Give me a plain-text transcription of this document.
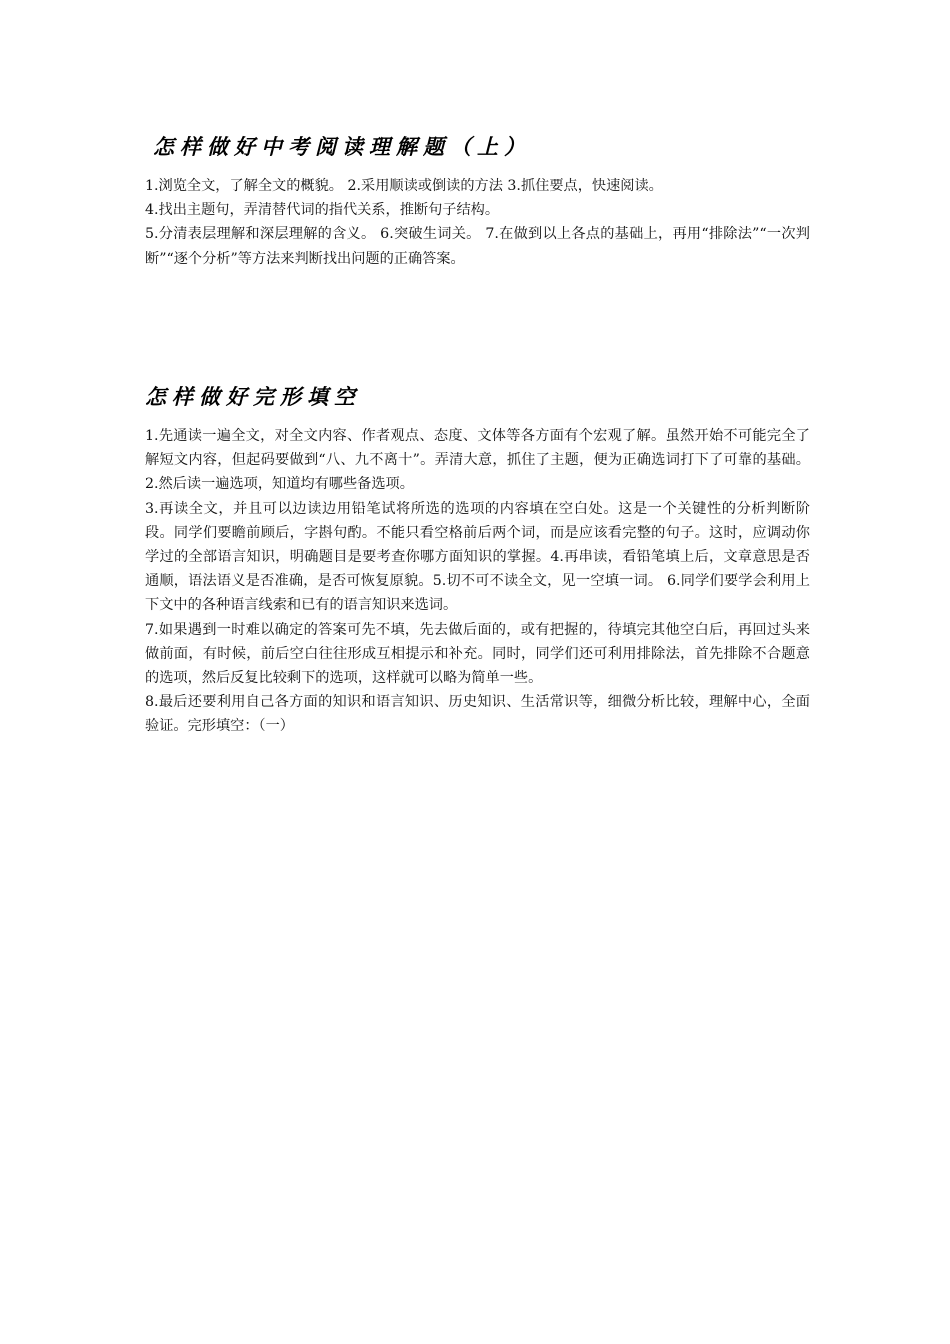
怎样做好中考阅读理解题（上）

1.浏览全文，了解全文的概貌。 2.采用顺读或倒读的方法 3.抓住要点，快速阅读。

4.找出主题句，弄清替代词的指代关系，推断句子结构。

5.分清表层理解和深层理解的含义。 6.突破生词关。 7.在做到以上各点的基础上，再用“排除法”“一次判断”“逐个分析”等方法来判断找出问题的正确答案。

怎样做好完形填空

1.先通读一遍全文，对全文内容、作者观点、态度、文体等各方面有个宏观了解。虽然开始不可能完全了解短文内容，但起码要做到“八、九不离十”。弄清大意，抓住了主题，便为正确选词打下了可靠的基础。 2.然后读一遍选项，知道均有哪些备选项。

3.再读全文，并且可以边读边用铅笔试将所选的选项的内容填在空白处。这是一个关键性的分析判断阶段。同学们要瞻前顾后，字斟句酌。不能只看空格前后两个词，而是应该看完整的句子。这时，应调动你学过的全部语言知识，明确题目是要考查你哪方面知识的掌握。4.再串读，看铅笔填上后，文章意思是否通顺，语法语义是否准确，是否可恢复原貌。5.切不可不读全文，见一空填一词。 6.同学们要学会利用上下文中的各种语言线索和已有的语言知识来选词。

7.如果遇到一时难以确定的答案可先不填，先去做后面的，或有把握的，待填完其他空白后，再回过头来做前面，有时候，前后空白往往形成互相提示和补充。同时，同学们还可利用排除法，首先排除不合题意的选项，然后反复比较剩下的选项，这样就可以略为简单一些。

8.最后还要利用自己各方面的知识和语言知识、历史知识、生活常识等，细微分析比较，理解中心，全面验证。完形填空：（一）
